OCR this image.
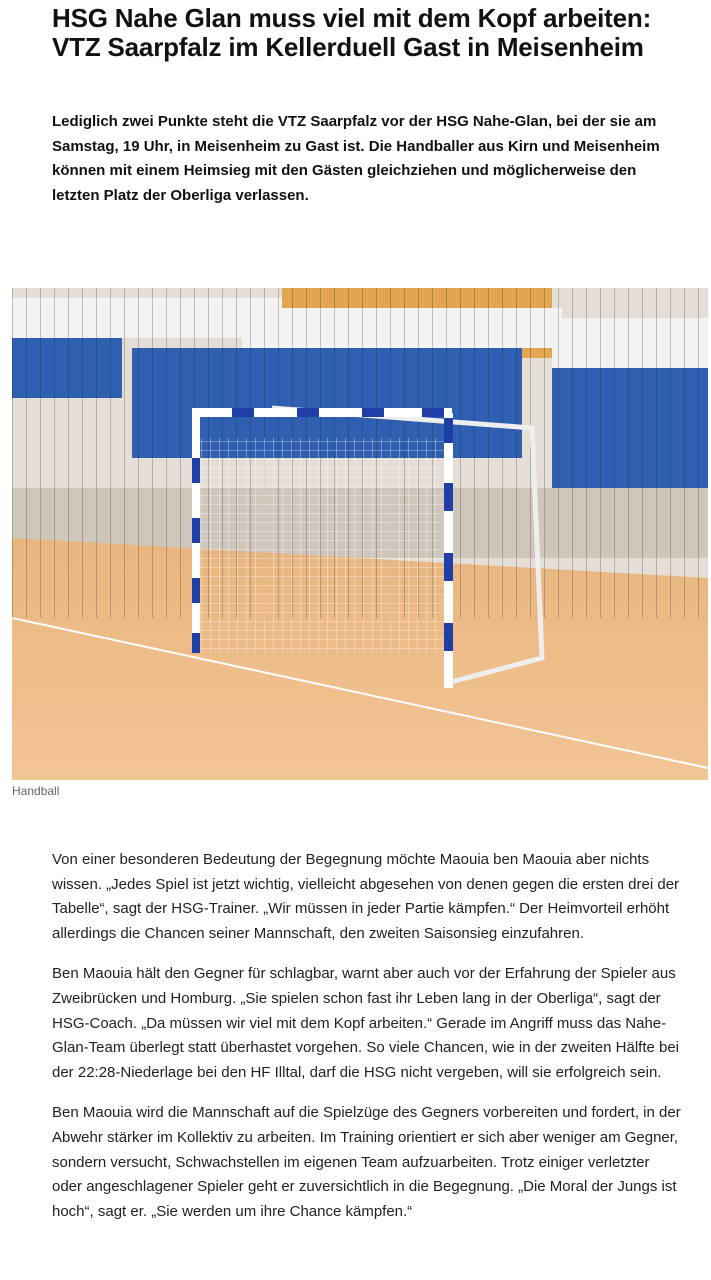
HSG Nahe Glan muss viel mit dem Kopf arbeiten: VTZ Saarpfalz im Kellerduell Gast in Meisenheim

Lediglich zwei Punkte steht die VTZ Saarpfalz vor der HSG Nahe-Glan, bei der sie am Samstag, 19 Uhr, in Meisenheim zu Gast ist. Die Handballer aus Kirn und Meisenheim können mit einem Heimsieg mit den Gästen gleichziehen und möglicherweise den letzten Platz der Oberliga verlassen.

Handball

Von einer besonderen Bedeutung der Begegnung möchte Maouia ben Maouia aber nichts wissen. „Jedes Spiel ist jetzt wichtig, vielleicht abgesehen von denen gegen die ersten drei der Tabelle“, sagt der HSG-Trainer. „Wir müssen in jeder Partie kämpfen.“ Der Heimvorteil erhöht allerdings die Chancen seiner Mannschaft, den zweiten Saisonsieg einzufahren.

Ben Maouia hält den Gegner für schlagbar, warnt aber auch vor der Erfahrung der Spieler aus Zweibrücken und Homburg. „Sie spielen schon fast ihr Leben lang in der Oberliga“, sagt der HSG-Coach. „Da müssen wir viel mit dem Kopf arbeiten.“ Gerade im Angriff muss das Nahe-Glan-Team überlegt statt überhastet vorgehen. So viele Chancen, wie in der zweiten Hälfte bei der 22:28-Niederlage bei den HF Illtal, darf die HSG nicht vergeben, will sie erfolgreich sein.

Ben Maouia wird die Mannschaft auf die Spielzüge des Gegners vorbereiten und fordert, in der Abwehr stärker im Kollektiv zu arbeiten. Im Training orientiert er sich aber weniger am Gegner, sondern versucht, Schwachstellen im eigenen Team aufzuarbeiten. Trotz einiger verletzter oder angeschlagener Spieler geht er zuversichtlich in die Begegnung. „Die Moral der Jungs ist hoch“, sagt er. „Sie werden um ihre Chance kämpfen.“
